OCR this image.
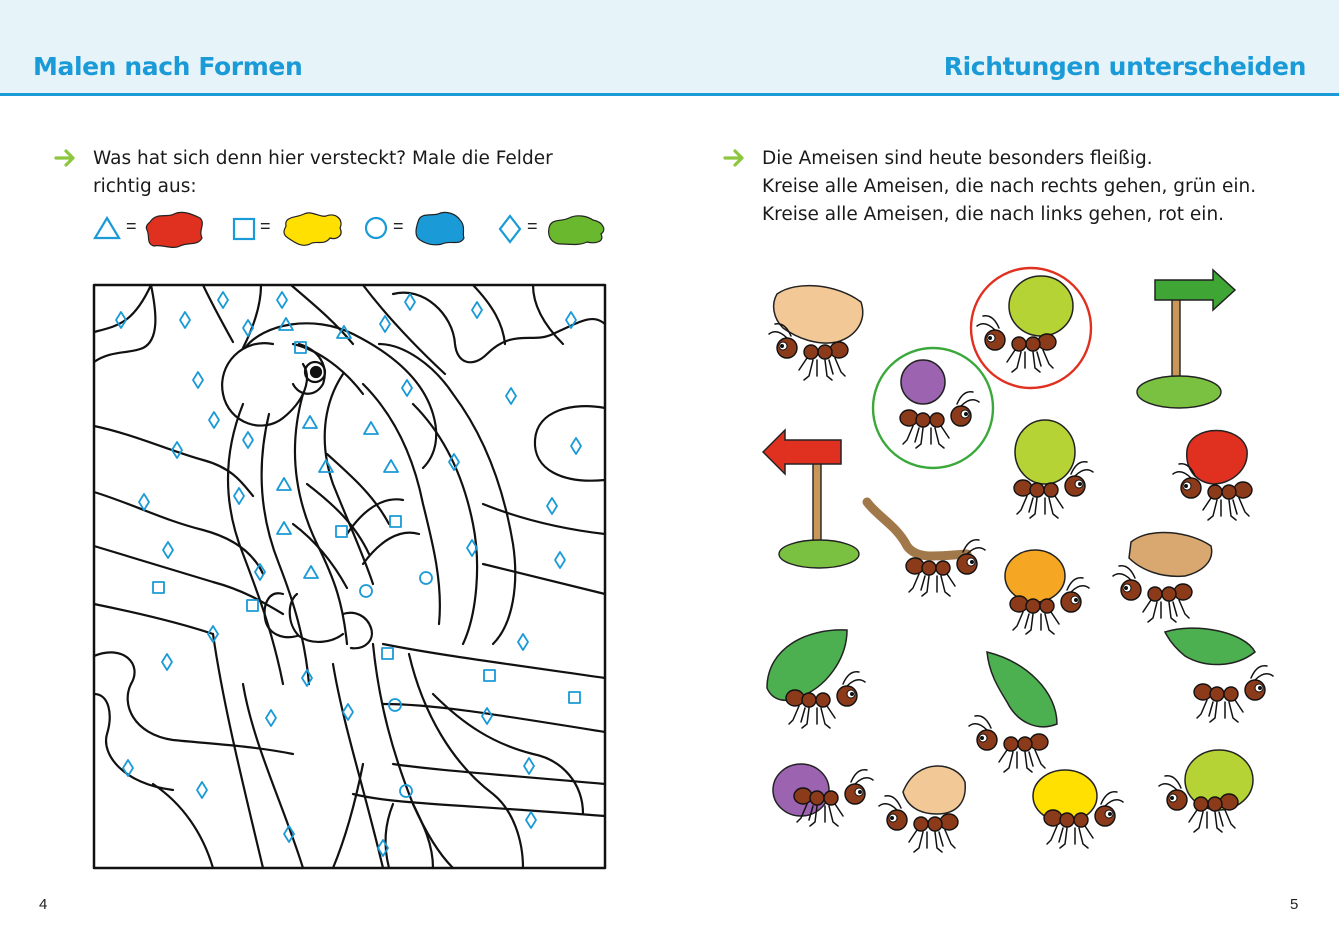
Malen nach Formen	Richtungen unterscheiden
Was hat sich denn hier versteckt? Male die Felder
richtig aus:
=	=	=	=
Die Ameisen sind heute besonders fleißig.
Kreise alle Ameisen, die nach rechts gehen, grün ein.
Kreise alle Ameisen, die nach links gehen, rot ein.
4	5
